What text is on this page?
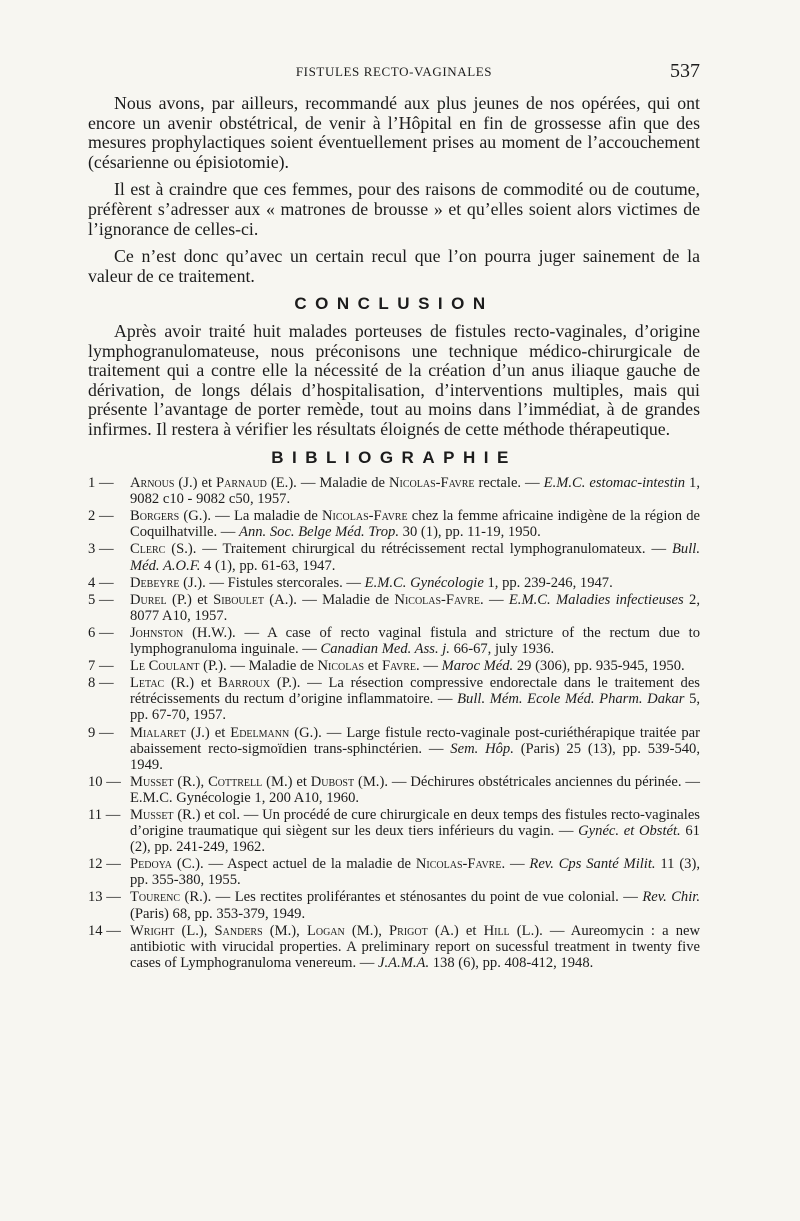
FISTULES RECTO-VAGINALES	537

Nous avons, par ailleurs, recommandé aux plus jeunes de nos opérées, qui ont encore un avenir obstétrical, de venir à l’Hôpital en fin de grossesse afin que des mesures prophylactiques soient éventuellement prises au moment de l’accouchement (césarienne ou épisiotomie).

Il est à craindre que ces femmes, pour des raisons de commodité ou de coutume, préfèrent s’adresser aux « matrones de brousse » et qu’elles soient alors victimes de l’ignorance de celles-ci.

Ce n’est donc qu’avec un certain recul que l’on pourra juger sainement de la valeur de ce traitement.

CONCLUSION

Après avoir traité huit malades porteuses de fistules recto-vaginales, d’origine lymphogranulomateuse, nous préconisons une technique médico-chirurgicale de traitement qui a contre elle la nécessité de la création d’un anus iliaque gauche de dérivation, de longs délais d’hospitalisation, d’interventions multiples, mais qui présente l’avantage de porter remède, tout au moins dans l’immédiat, à de grandes infirmes. Il restera à vérifier les résultats éloignés de cette méthode thérapeutique.

BIBLIOGRAPHIE

1 —	Arnous (J.) et Parnaud (E.). — Maladie de Nicolas-Favre rectale. — E.M.C. estomac-intestin 1, 9082 c10 - 9082 c50, 1957.
2 —	Borgers (G.). — La maladie de Nicolas-Favre chez la femme africaine indigène de la région de Coquilhatville. — Ann. Soc. Belge Méd. Trop. 30 (1), pp. 11-19, 1950.
3 —	Clerc (S.). — Traitement chirurgical du rétrécissement rectal lymphogranulomateux. — Bull. Méd. A.O.F. 4 (1), pp. 61-63, 1947.
4 —	Debeyre (J.). — Fistules stercorales. — E.M.C. Gynécologie 1, pp. 239-246, 1947.
5 —	Durel (P.) et Siboulet (A.). — Maladie de Nicolas-Favre. — E.M.C. Maladies infectieuses 2, 8077 A10, 1957.
6 —	Johnston (H.W.). — A case of recto vaginal fistula and stricture of the rectum due to lymphogranuloma inguinale. — Canadian Med. Ass. j. 66-67, july 1936.
7 —	Le Coulant (P.). — Maladie de Nicolas et Favre. — Maroc Méd. 29 (306), pp. 935-945, 1950.
8 —	Letac (R.) et Barroux (P.). — La résection compressive endorectale dans le traitement des rétrécissements du rectum d’origine inflammatoire. — Bull. Mém. Ecole Méd. Pharm. Dakar 5, pp. 67-70, 1957.
9 —	Mialaret (J.) et Edelmann (G.). — Large fistule recto-vaginale post-curiéthérapique traitée par abaissement recto-sigmoïdien trans-sphinctérien. — Sem. Hôp. (Paris) 25 (13), pp. 539-540, 1949.
10 — Musset (R.), Cottrell (M.) et Dubost (M.). — Déchirures obstétricales anciennes du périnée. — E.M.C. Gynécologie 1, 200 A10, 1960.
11 — Musset (R.) et col. — Un procédé de cure chirurgicale en deux temps des fistules recto-vaginales d’origine traumatique qui siègent sur les deux tiers inférieurs du vagin. — Gynéc. et Obstét. 61 (2), pp. 241-249, 1962.
12 — Pedoya (C.). — Aspect actuel de la maladie de Nicolas-Favre. — Rev. Cps Santé Milit. 11 (3), pp. 355-380, 1955.
13 — Tourenc (R.). — Les rectites proliférantes et sténosantes du point de vue colonial. — Rev. Chir. (Paris) 68, pp. 353-379, 1949.
14 — Wright (L.), Sanders (M.), Logan (M.), Prigot (A.) et Hill (L.). — Aureomycin : a new antibiotic with virucidal properties. A preliminary report on sucessful treatment in twenty five cases of Lymphogranuloma venereum. — J.A.M.A. 138 (6), pp. 408-412, 1948.
